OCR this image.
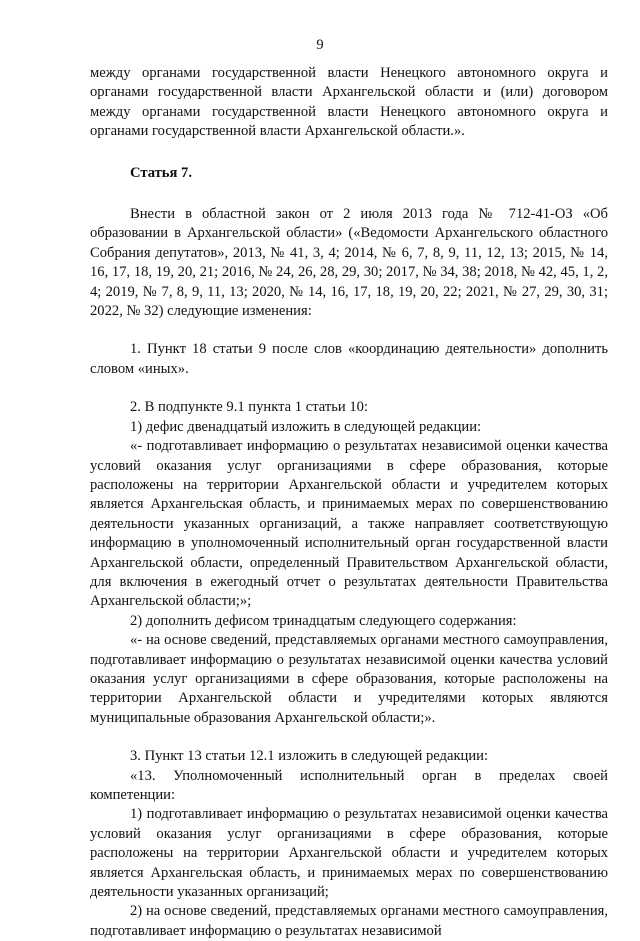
9

между органами государственной власти Ненецкого автономного округа и органами государственной власти Архангельской области и (или) договором между органами государственной власти Ненецкого автономного округа и органами государственной власти Архангельской области.».

Статья 7.

Внести в областной закон от 2 июля 2013 года № 712-41-ОЗ «Об образовании в Архангельской области» («Ведомости Архангельского областного Собрания депутатов», 2013, № 41, 3, 4; 2014, № 6, 7, 8, 9, 11, 12, 13; 2015, № 14, 16, 17, 18, 19, 20, 21; 2016, № 24, 26, 28, 29, 30; 2017, № 34, 38; 2018, № 42, 45, 1, 2, 4; 2019, № 7, 8, 9, 11, 13; 2020, № 14, 16, 17, 18, 19, 20, 22; 2021, № 27, 29, 30, 31; 2022, № 32) следующие изменения:

1. Пункт 18 статьи 9 после слов «координацию деятельности» дополнить словом «иных».

2. В подпункте 9.1 пункта 1 статьи 10:

1) дефис двенадцатый изложить в следующей редакции:

«- подготавливает информацию о результатах независимой оценки качества условий оказания услуг организациями в сфере образования, которые расположены на территории Архангельской области и учредителем которых является Архангельская область, и принимаемых мерах по совершенствованию деятельности указанных организаций, а также направляет соответствующую информацию в уполномоченный исполнительный орган государственной власти Архангельской области, определенный Правительством Архангельской области, для включения в ежегодный отчет о результатах деятельности Правительства Архангельской области;»;

2) дополнить дефисом тринадцатым следующего содержания:

«- на основе сведений, представляемых органами местного самоуправления, подготавливает информацию о результатах независимой оценки качества условий оказания услуг организациями в сфере образования, которые расположены на территории Архангельской области и учредителями которых являются муниципальные образования Архангельской области;».

3. Пункт 13 статьи 12.1 изложить в следующей редакции:

«13. Уполномоченный исполнительный орган в пределах своей компетенции:

1) подготавливает информацию о результатах независимой оценки качества условий оказания услуг организациями в сфере образования, которые расположены на территории Архангельской области и учредителем которых является Архангельская область, и принимаемых мерах по совершенствованию деятельности указанных организаций;

2) на основе сведений, представляемых органами местного самоуправления, подготавливает информацию о результатах независимой
